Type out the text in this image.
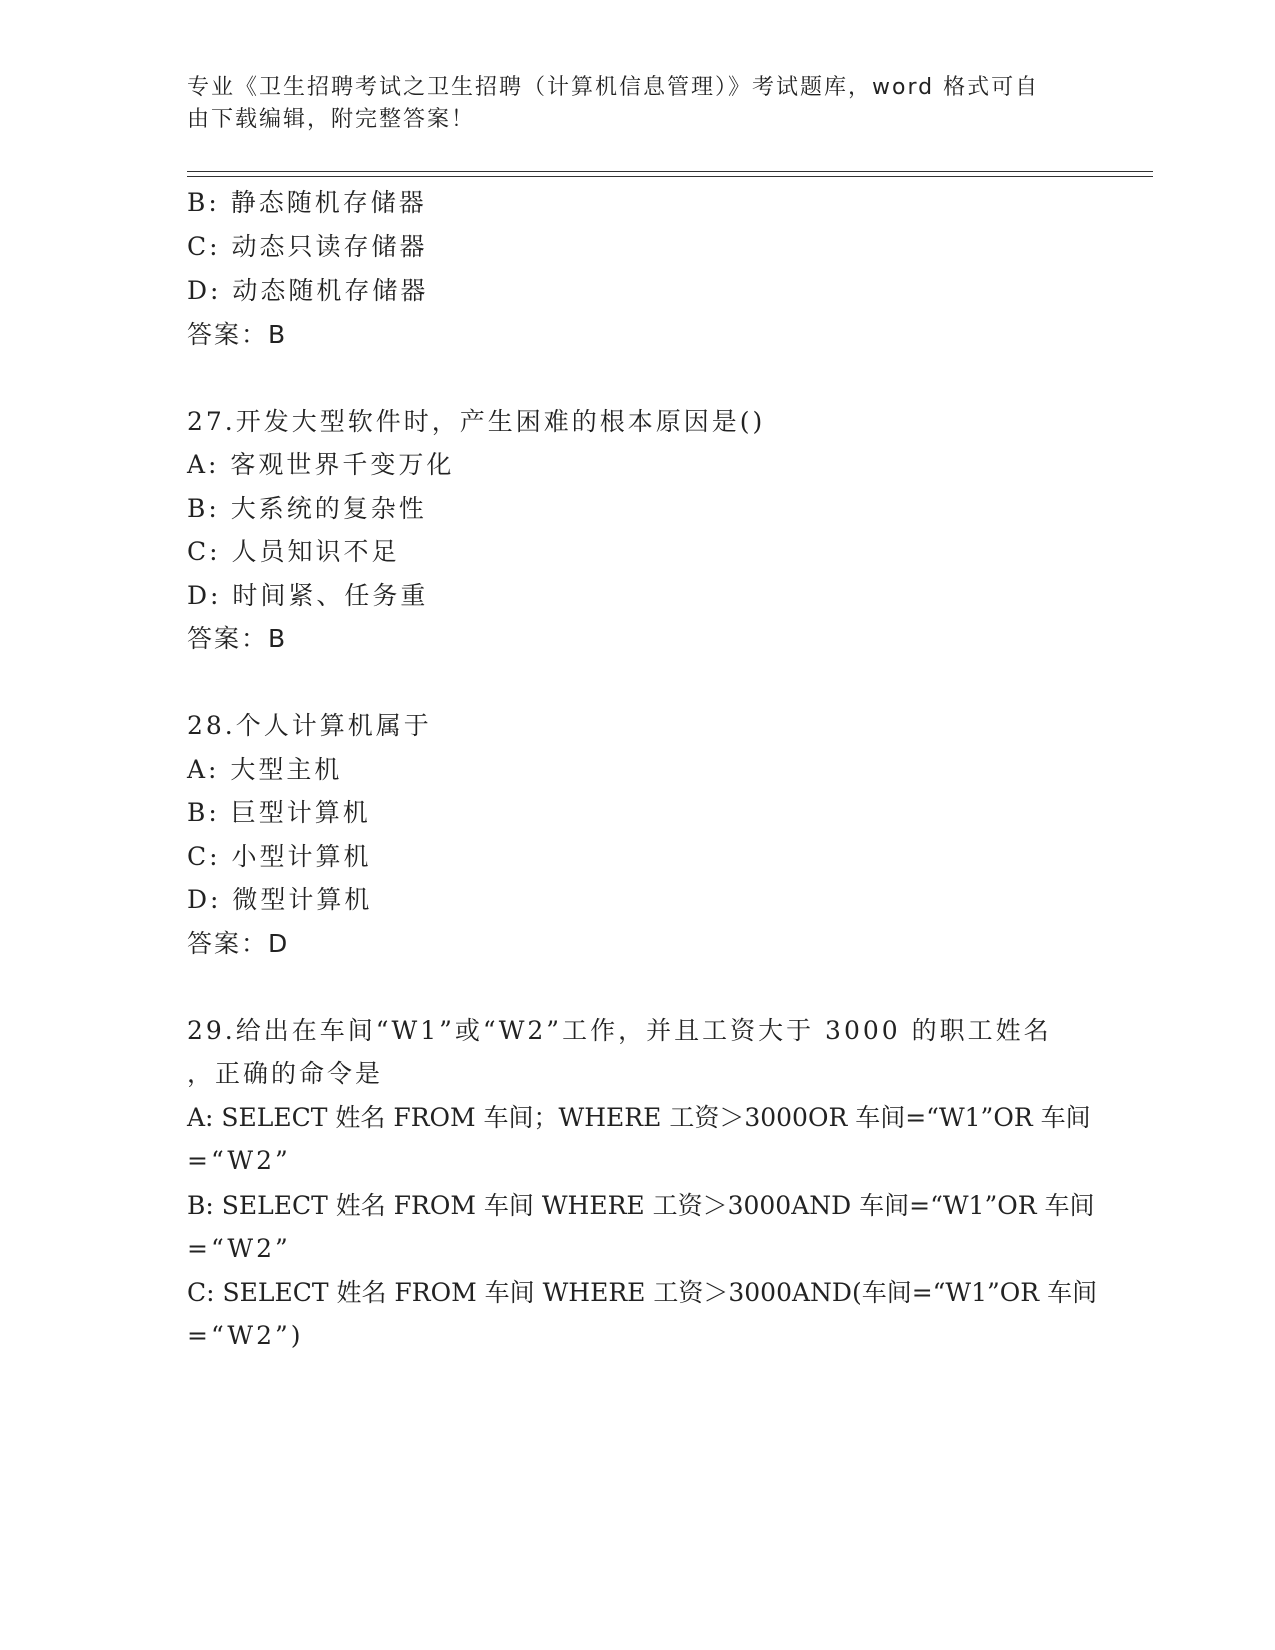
专业《卫生招聘考试之卫生招聘（计算机信息管理）》考试题库，word 格式可自
由下载编辑，附完整答案！
B: 静态随机存储器
C: 动态只读存储器
D: 动态随机存储器
答案：B
27.开发大型软件时，产生困难的根本原因是()
A: 客观世界千变万化
B: 大系统的复杂性
C: 人员知识不足
D: 时间紧、任务重
答案：B
28.个人计算机属于
A: 大型主机
B: 巨型计算机
C: 小型计算机
D: 微型计算机
答案：D
29.给出在车间“W1”或“W2”工作，并且工资大于 3000 的职工姓名
，正确的命令是
A: SELECT 姓名 FROM 车间；WHERE 工资＞3000OR 车间=“W1”OR 车间
=“W2”
B: SELECT 姓名 FROM 车间 WHERE 工资＞3000AND 车间=“W1”OR 车间
=“W2”
C: SELECT 姓名 FROM 车间 WHERE 工资＞3000AND(车间=“W1”OR 车间
=“W2”)
